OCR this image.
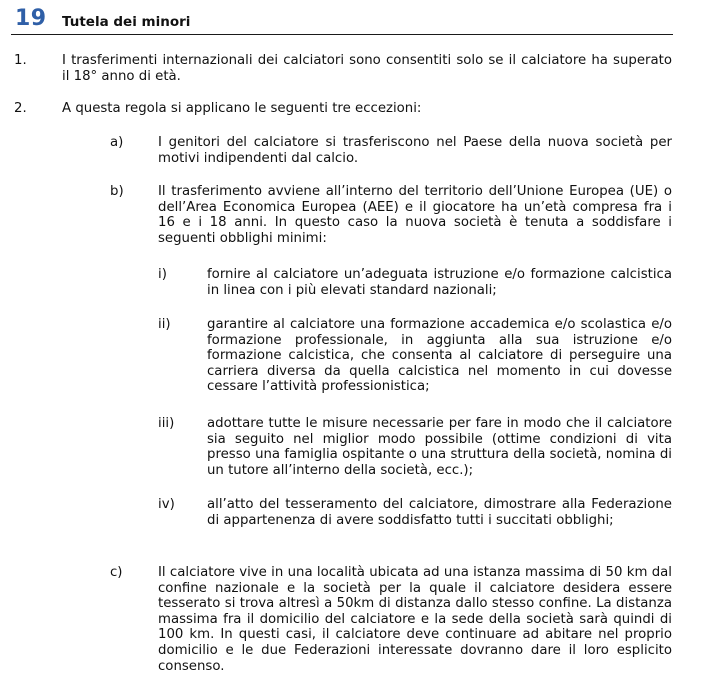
19 Tutela dei minori
1.	I trasferimenti internazionali dei calciatori sono consentiti solo se il calciatore ha superato il 18° anno di età.
2.	A questa regola si applicano le seguenti tre eccezioni:
a)	I genitori del calciatore si trasferiscono nel Paese della nuova società per motivi indipendenti dal calcio.
b)	Il trasferimento avviene all’interno del territorio dell’Unione Europea (UE) o dell’Area Economica Europea (AEE) e il giocatore ha un’età compresa fra i 16 e i 18 anni. In questo caso la nuova società è tenuta a soddisfare i seguenti obblighi minimi:
i)	fornire al calciatore un’adeguata istruzione e/o formazione calcistica in linea con i più elevati standard nazionali;
ii)	garantire al calciatore una formazione accademica e/o scolastica e/o formazione professionale, in aggiunta alla sua istruzione e/o formazione calcistica, che consenta al calciatore di perseguire una carriera diversa da quella calcistica nel momento in cui dovesse cessare l’attività professionistica;
iii) adottare tutte le misure necessarie per fare in modo che il calciatore sia seguito nel miglior modo possibile (ottime condizioni di vita presso una famiglia ospitante o una struttura della società, nomina di un tutore all’interno della società, ecc.);
iv) all’atto del tesseramento del calciatore, dimostrare alla Federazione di appartenenza di avere soddisfatto tutti i succitati obblighi;
c)	Il calciatore vive in una località ubicata ad una istanza massima di 50 km dal confine nazionale e la società per la quale il calciatore desidera essere tesserato si trova altresì a 50km di distanza dallo stesso confine. La distanza massima fra il domicilio del calciatore e la sede della società sarà quindi di 100 km. In questi casi, il calciatore deve continuare ad abitare nel proprio domicilio e le due Federazioni interessate dovranno dare il loro esplicito consenso.
